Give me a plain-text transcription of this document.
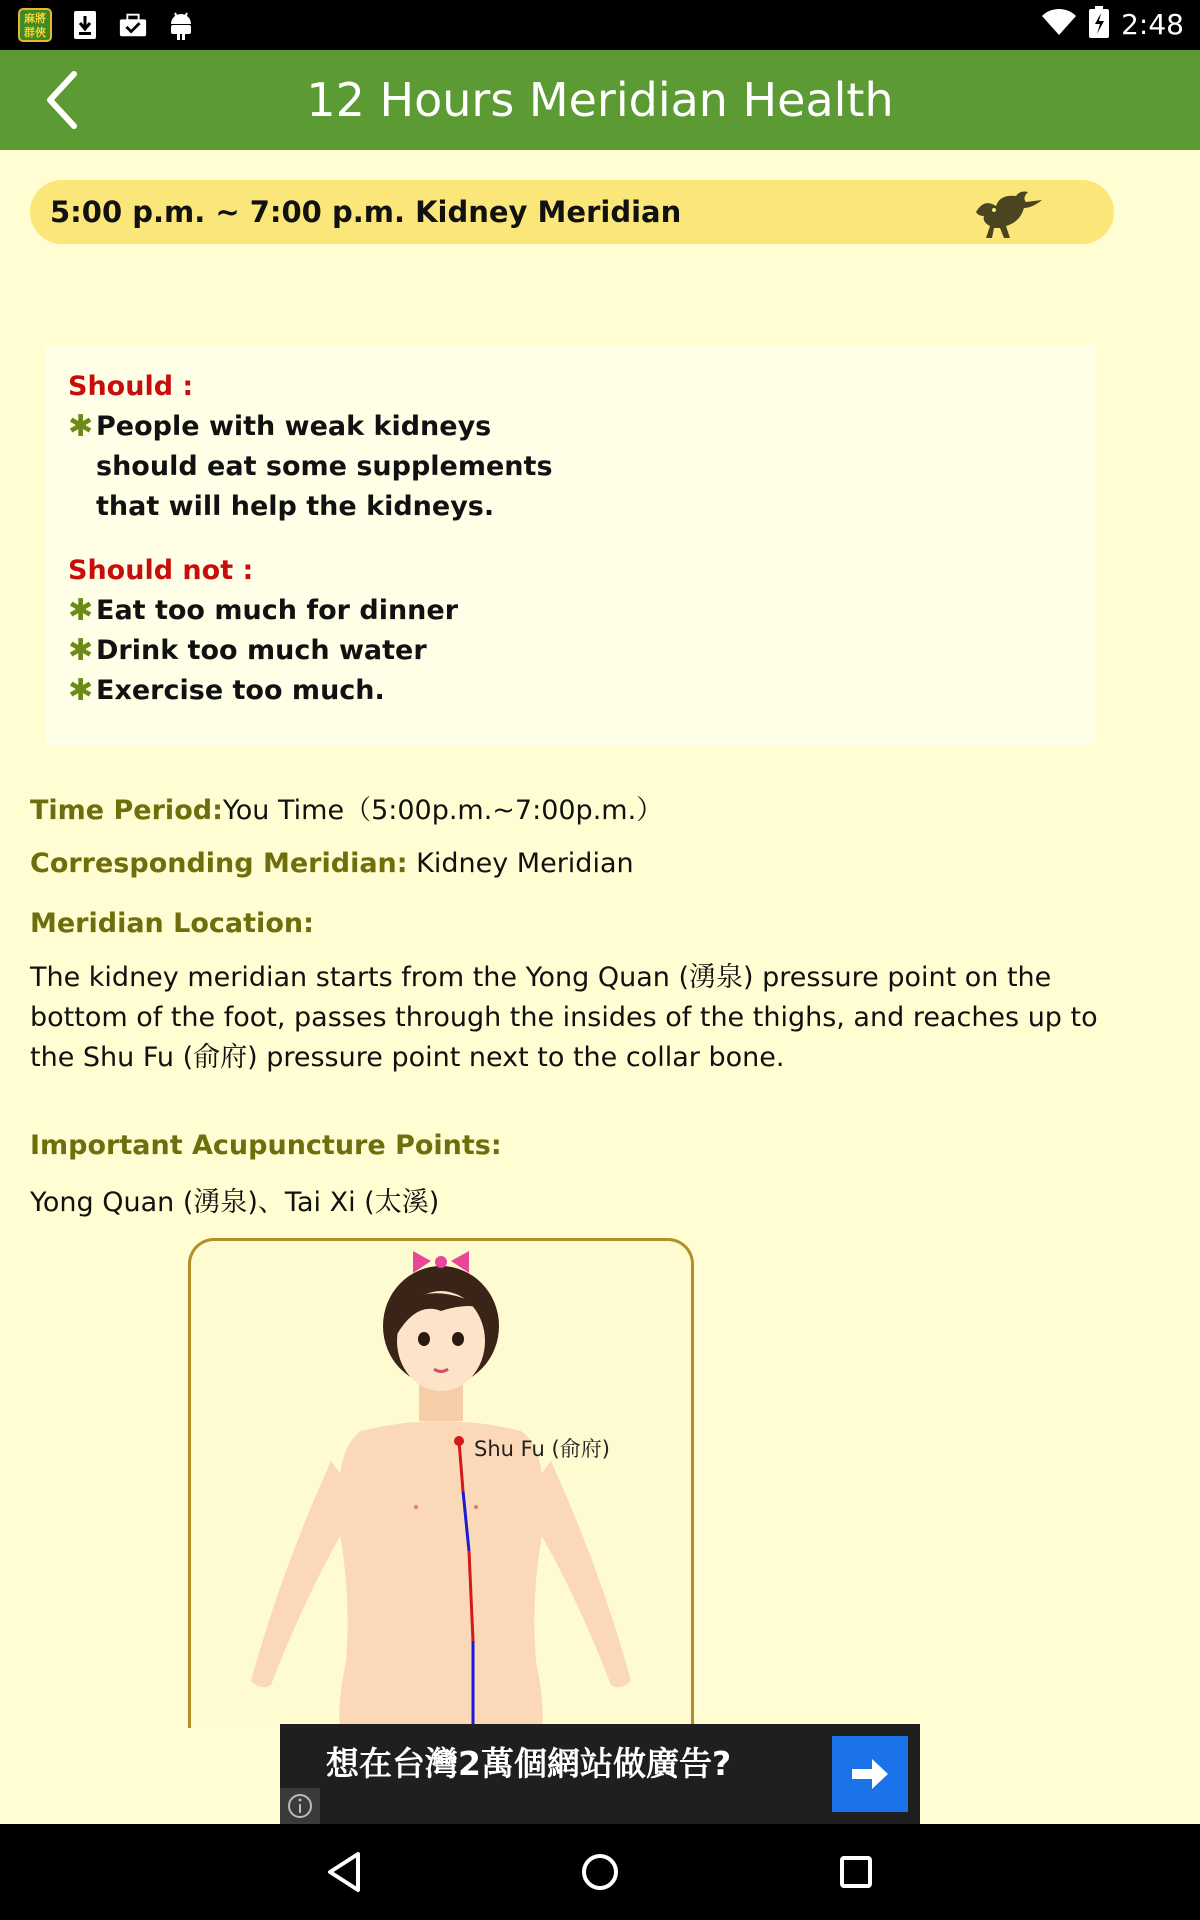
麻將
群俠	2:48
12 Hours Meridian Health
5:00 p.m. ~ 7:00 p.m. Kidney Meridian
Should :
✱ People with weak kidneys should eat some supplements that will help the kidneys.
Should not :
✱ Eat too much for dinner
✱ Drink too much water
✱ Exercise too much.
Time Period:You Time（5:00p.m.~7:00p.m.）
Corresponding Meridian: Kidney Meridian
Meridian Location:
The kidney meridian starts from the Yong Quan (湧泉) pressure point on the bottom of the foot, passes through the insides of the thighs, and reaches up to the Shu Fu (俞府) pressure point next to the collar bone.
Important Acupuncture Points:
Yong Quan (湧泉)、Tai Xi (太溪)
Shu Fu (俞府)
想在台灣2萬個網站做廣告?
